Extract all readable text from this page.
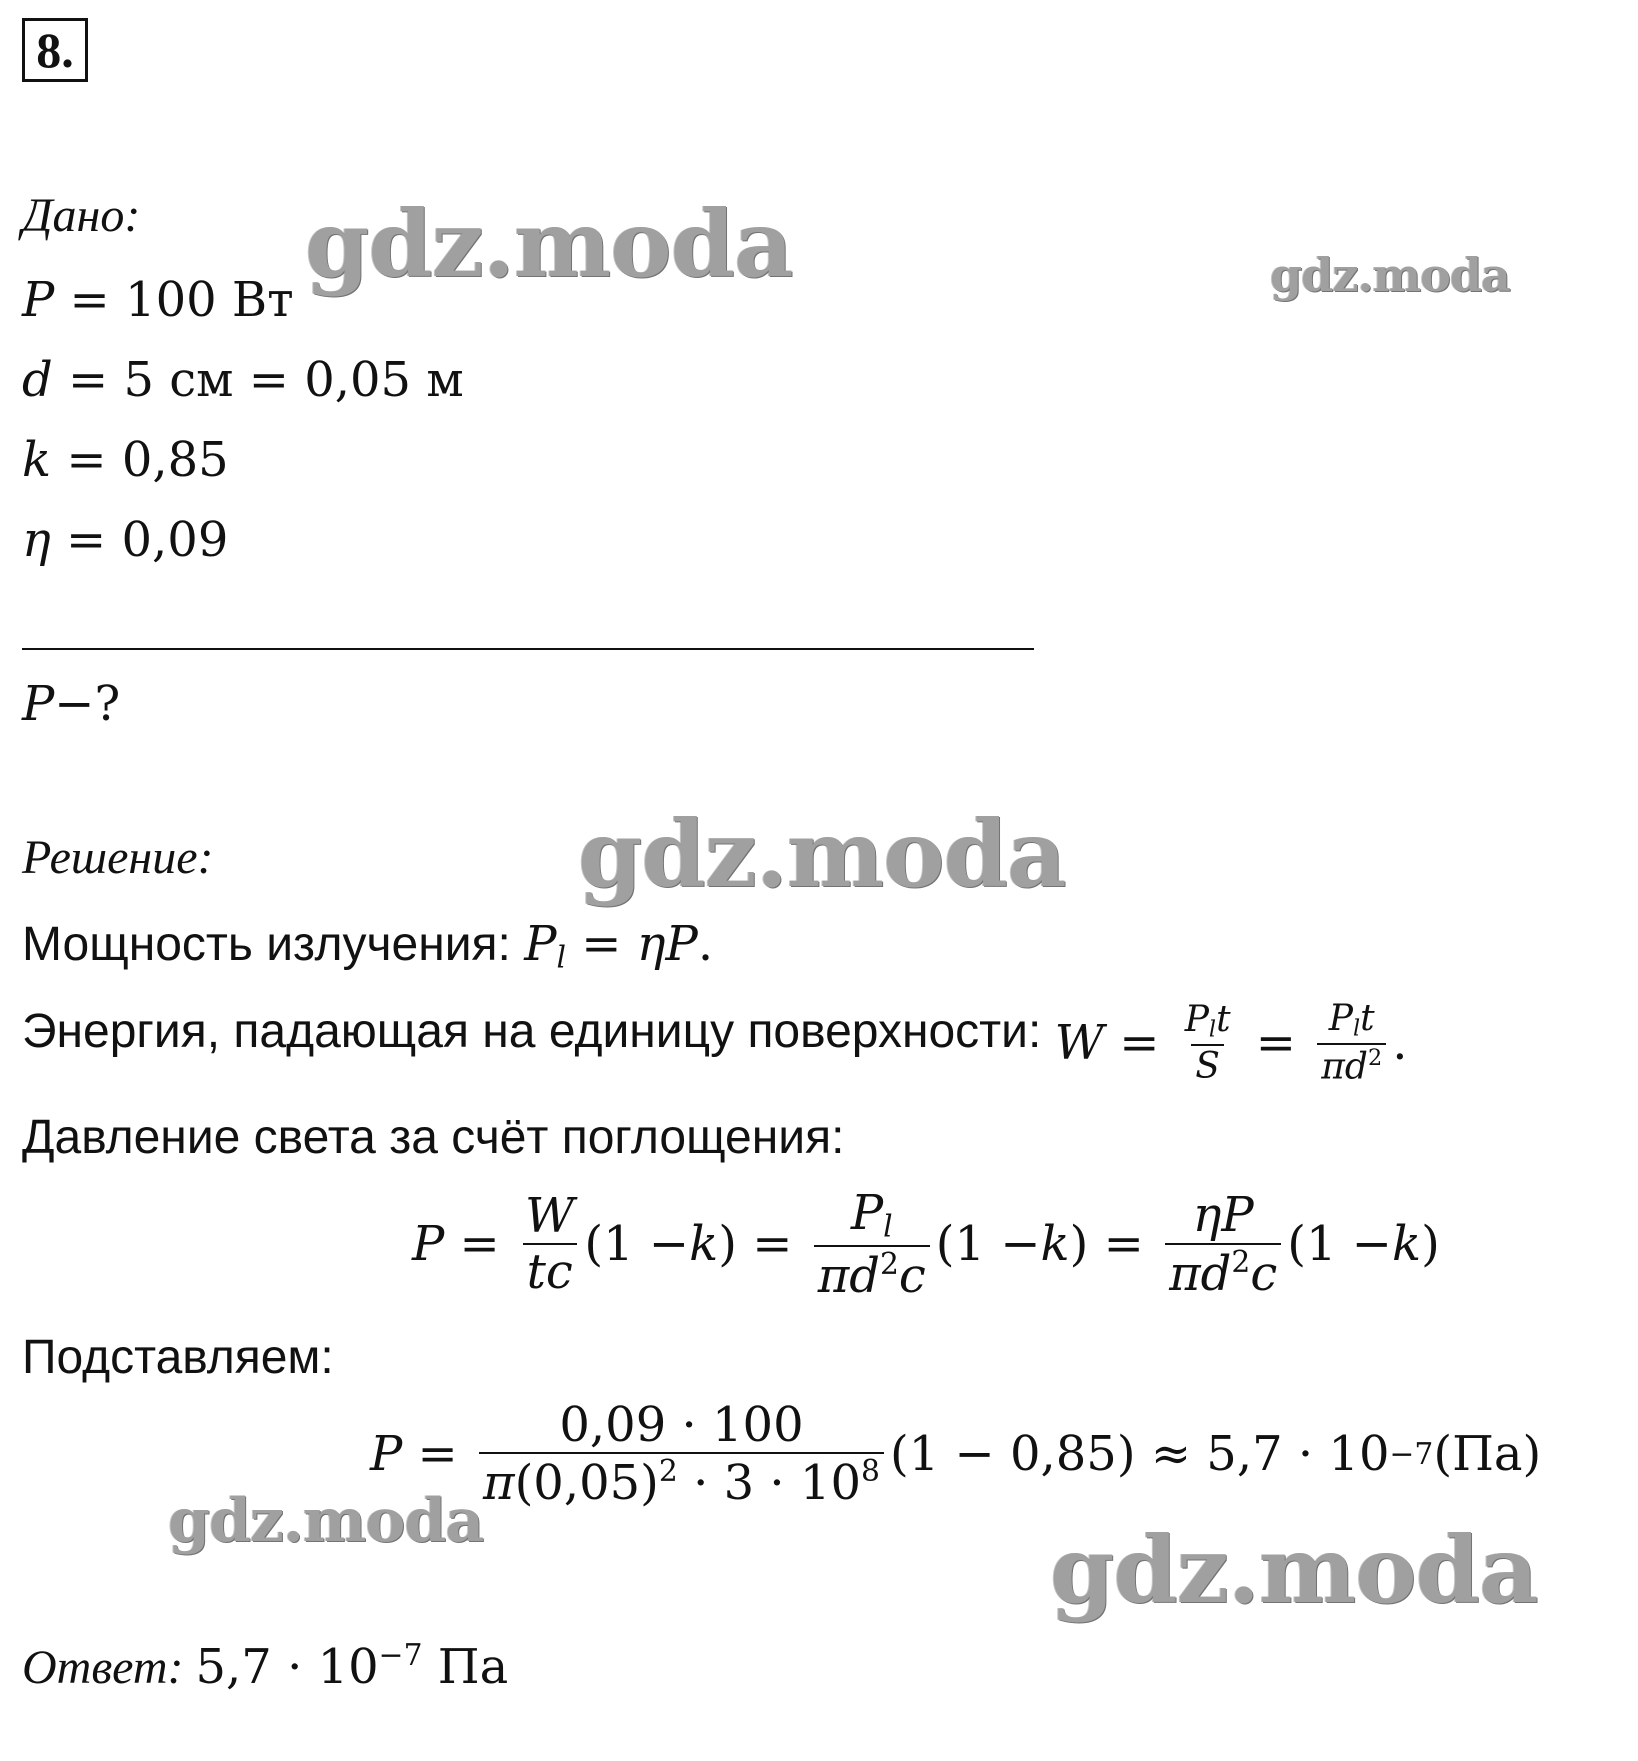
8.
Дано:
P = 100 Вт
d = 5 см = 0,05 м
k = 0,85
η = 0,09
P−?
Решение:
Мощность излучения: $P_l = \eta P$.
Энергия, падающая на единицу поверхности: $W = \frac{P_lt}{S} = \frac{P_lt}{\pi d^2}$ .
Давление света за счёт поглощения:
$P = \frac{W}{tc} (1 - k$ ) = $\frac{P_l}{\pi d^2c} (1 - k$ ) = $\frac{\eta P}{\pi d^2c} (1 - k$ )
Подставляем:
$P = \frac{0,09 \cdot 100}{\pi(0,05)^2 \cdot 3 \cdot 10^8} (1 - 0,85) \approx 5,7 \cdot 10 -7$ (Па)
Ответ: $5,7 \cdot 10^{-7}$ Па
gdz.moda	gdz.moda
gdz.moda
gdz.moda	gdz.moda
